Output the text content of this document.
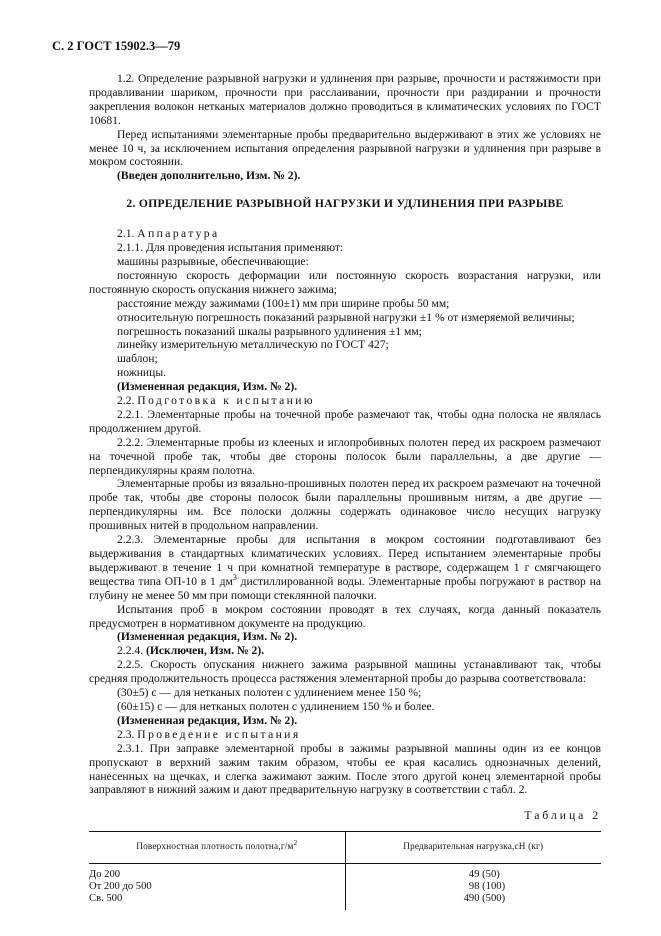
С. 2 ГОСТ 15902.3—79

1.2. Определение разрывной нагрузки и удлинения при разрыве, прочности и растяжимости при продавливании шариком, прочности при расслаивании, прочности при раздирании и прочности закрепления волокон нетканых материалов должно проводиться в климатических условиях по ГОСТ 10681.

Перед испытаниями элементарные пробы предварительно выдерживают в этих же условиях не менее 10 ч, за исключением испытания определения разрывной нагрузки и удлинения при разрыве в мокром состоянии.

(Введен дополнительно, Изм. № 2).

2. ОПРЕДЕЛЕНИЕ РАЗРЫВНОЙ НАГРУЗКИ И УДЛИНЕНИЯ ПРИ РАЗРЫВЕ

2.1. Аппаратура

2.1.1. Для проведения испытания применяют:

машины разрывные, обеспечивающие:

постоянную скорость деформации или постоянную скорость возрастания нагрузки, или постоянную скорость опускания нижнего зажима;

расстояние между зажимами (100±1) мм при ширине пробы 50 мм;

относительную погрешность показаний разрывной нагрузки ±1 % от измеряемой величины;

погрешность показаний шкалы разрывного удлинения ±1 мм;

линейку измерительную металлическую по ГОСТ 427;

шаблон;

ножницы.

(Измененная редакция, Изм. № 2).

2.2. Подготовка к испытанию

2.2.1. Элементарные пробы на точечной пробе размечают так, чтобы одна полоска не являлась продолжением другой.

2.2.2. Элементарные пробы из клееных и иглопробивных полотен перед их раскроем размечают на точечной пробе так, чтобы две стороны полосок были параллельны, а две другие — перпендикулярны краям полотна.

Элементарные пробы из вязально-прошивных полотен перед их раскроем размечают на точечной пробе так, чтобы две стороны полосок были параллельны прошивным нитям, а две другие — перпендикулярны им. Все полоски должны содержать одинаковое число несущих нагрузку прошивных нитей в продольном направлении.

2.2.3. Элементарные пробы для испытания в мокром состоянии подготавливают без выдерживания в стандартных климатических условиях. Перед испытанием элементарные пробы выдерживают в течение 1 ч при комнатной температуре в растворе, содержащем 1 г смягчающего вещества типа ОП-10 в 1 $дм^3$ дистиллированной воды. Элементарные пробы погружают в раствор на глубину не менее 50 мм при помощи стеклянной палочки.

Испытания проб в мокром состоянии проводят в тех случаях, когда данный показатель предусмотрен в нормативном документе на продукцию.

(Измененная редакция, Изм. № 2).

2.2.4. (Исключен, Изм. № 2).

2.2.5. Скорость опускания нижнего зажима разрывной машины устанавливают так, чтобы средняя продолжительность процесса растяжения элементарной пробы до разрыва соответствовала:

(30±5) с — для нетканых полотен с удлинением менее 150 %;

(60±15) с — для нетканых полотен с удлинением 150 % и более.

(Измененная редакция, Изм. № 2).

2.3. Проведение испытания

2.3.1. При заправке элементарной пробы в зажимы разрывной машины один из ее концов пропускают в верхний зажим таким образом, чтобы ее края касались однозначных делений, нанесенных на щечках, и слегка зажимают зажим. После этого другой конец элементарной пробы заправляют в нижний зажим и дают предварительную нагрузку в соответствии с табл. 2.

Таблица 2
Поверхностная плотность $полотна,г/м^2$	Предварительная нагрузка,сН (кг)
До 200	49 (50)
От 200 до 500	98 (100)
Св. 500	490 (500)
